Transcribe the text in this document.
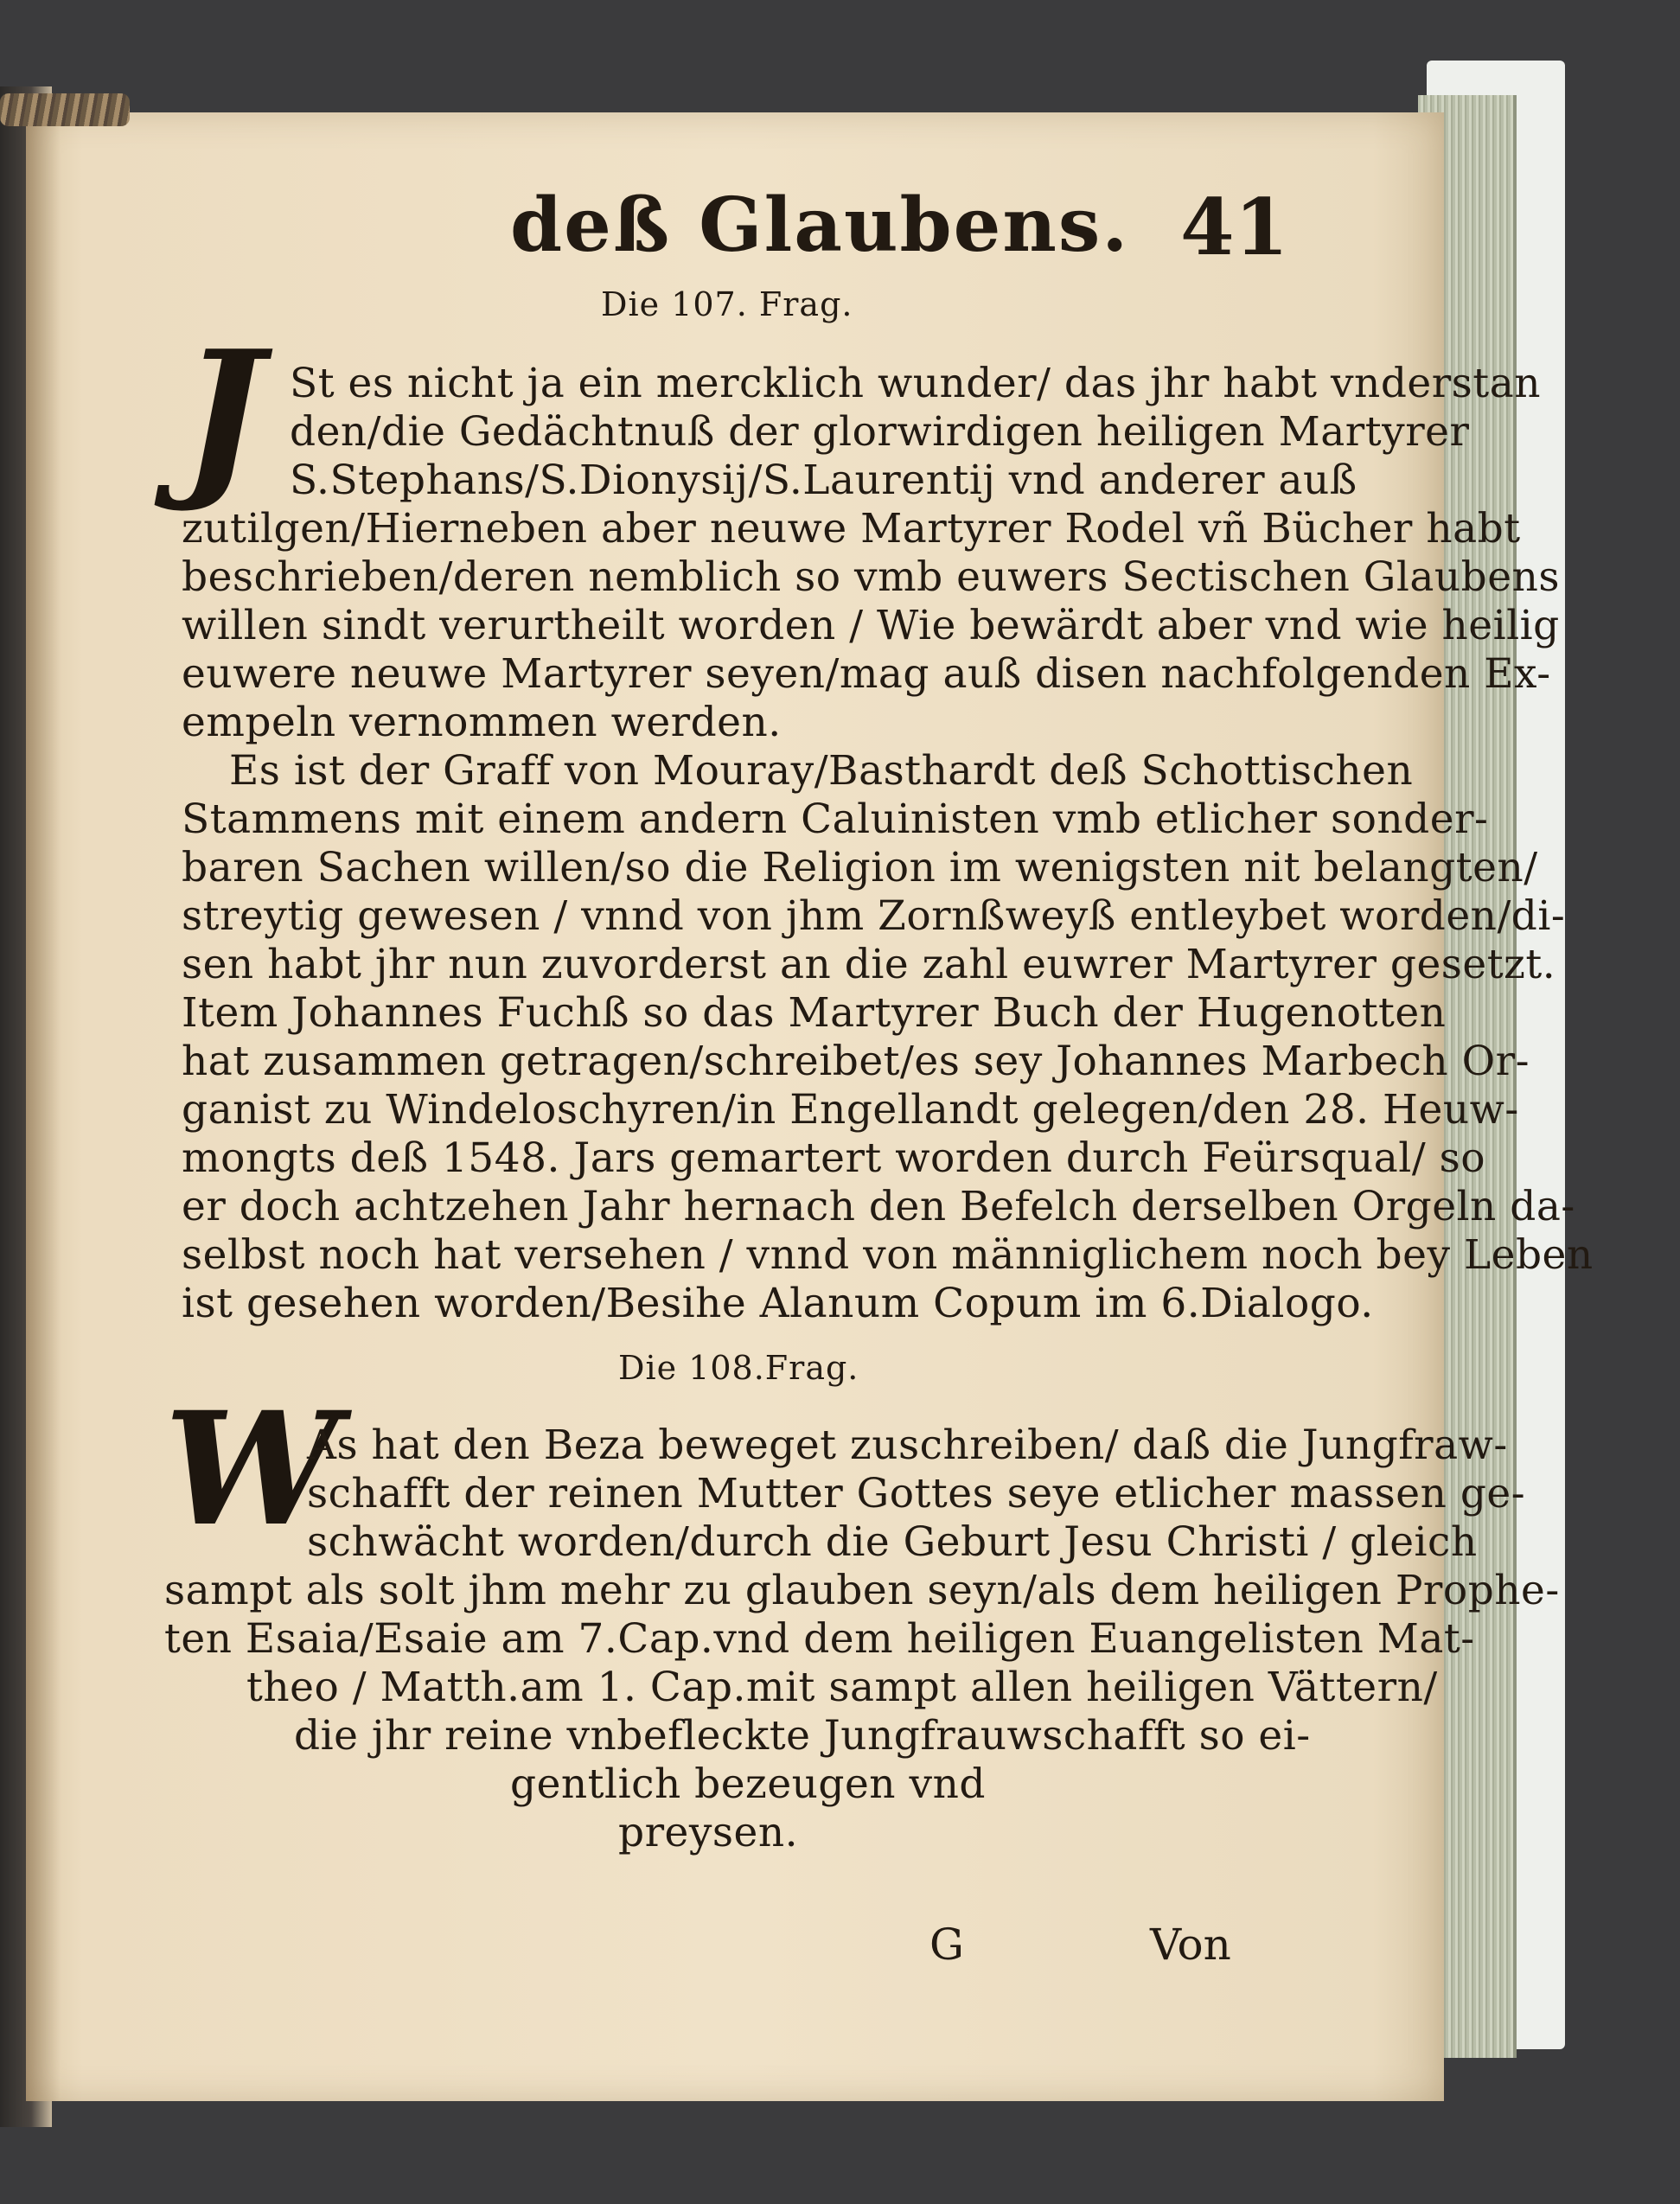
deß Glaubens. 41
Die 107. Frag.
J St es nicht ja ein mercklich wunder/ das jhr habt vnderstan
den/die Gedächtnuß der glorwirdigen heiligen Martyrer
S.Stephans/S.Dionysij/S.Laurentij vnd anderer auß
zutilgen/Hierneben aber neuwe Martyrer Rodel vñ Bücher habt
beschrieben/deren nemblich so vmb euwers Sectischen Glaubens
willen sindt verurtheilt worden / Wie bewärdt aber vnd wie heilig
euwere neuwe Martyrer seyen/mag auß disen nachfolgenden Ex-
empeln vernommen werden.
Es ist der Graff von Mouray/Basthardt deß Schottischen
Stammens mit einem andern Caluinisten vmb etlicher sonder-
baren Sachen willen/so die Religion im wenigsten nit belangten/
streytig gewesen / vnnd von jhm Zornßweyß entleybet worden/di-
sen habt jhr nun zuvorderst an die zahl euwrer Martyrer gesetzt.
Item Johannes Fuchß so das Martyrer Buch der Hugenotten
hat zusammen getragen/schreibet/es sey Johannes Marbech Or-
ganist zu Windeloschyren/in Engellandt gelegen/den 28. Heuw-
mongts deß 1548. Jars gemartert worden durch Feürsqual/ so
er doch achtzehen Jahr hernach den Befelch derselben Orgeln da-
selbst noch hat versehen / vnnd von männiglichem noch bey Leben
ist gesehen worden/Besihe Alanum Copum im 6.Dialogo.
Die 108.Frag.
W
As hat den Beza beweget zuschreiben/ daß die Jungfraw-
schafft der reinen Mutter Gottes seye etlicher massen ge-
schwächt worden/durch die Geburt Jesu Christi / gleich
sampt als solt jhm mehr zu glauben seyn/als dem heiligen Prophe-
ten Esaia/Esaie am 7.Cap.vnd dem heiligen Euangelisten Mat-
theo / Matth.am 1. Cap.mit sampt allen heiligen Vättern/
die jhr reine vnbefleckte Jungfrauwschafft so ei-
gentlich bezeugen vnd
preysen.
G	Von
